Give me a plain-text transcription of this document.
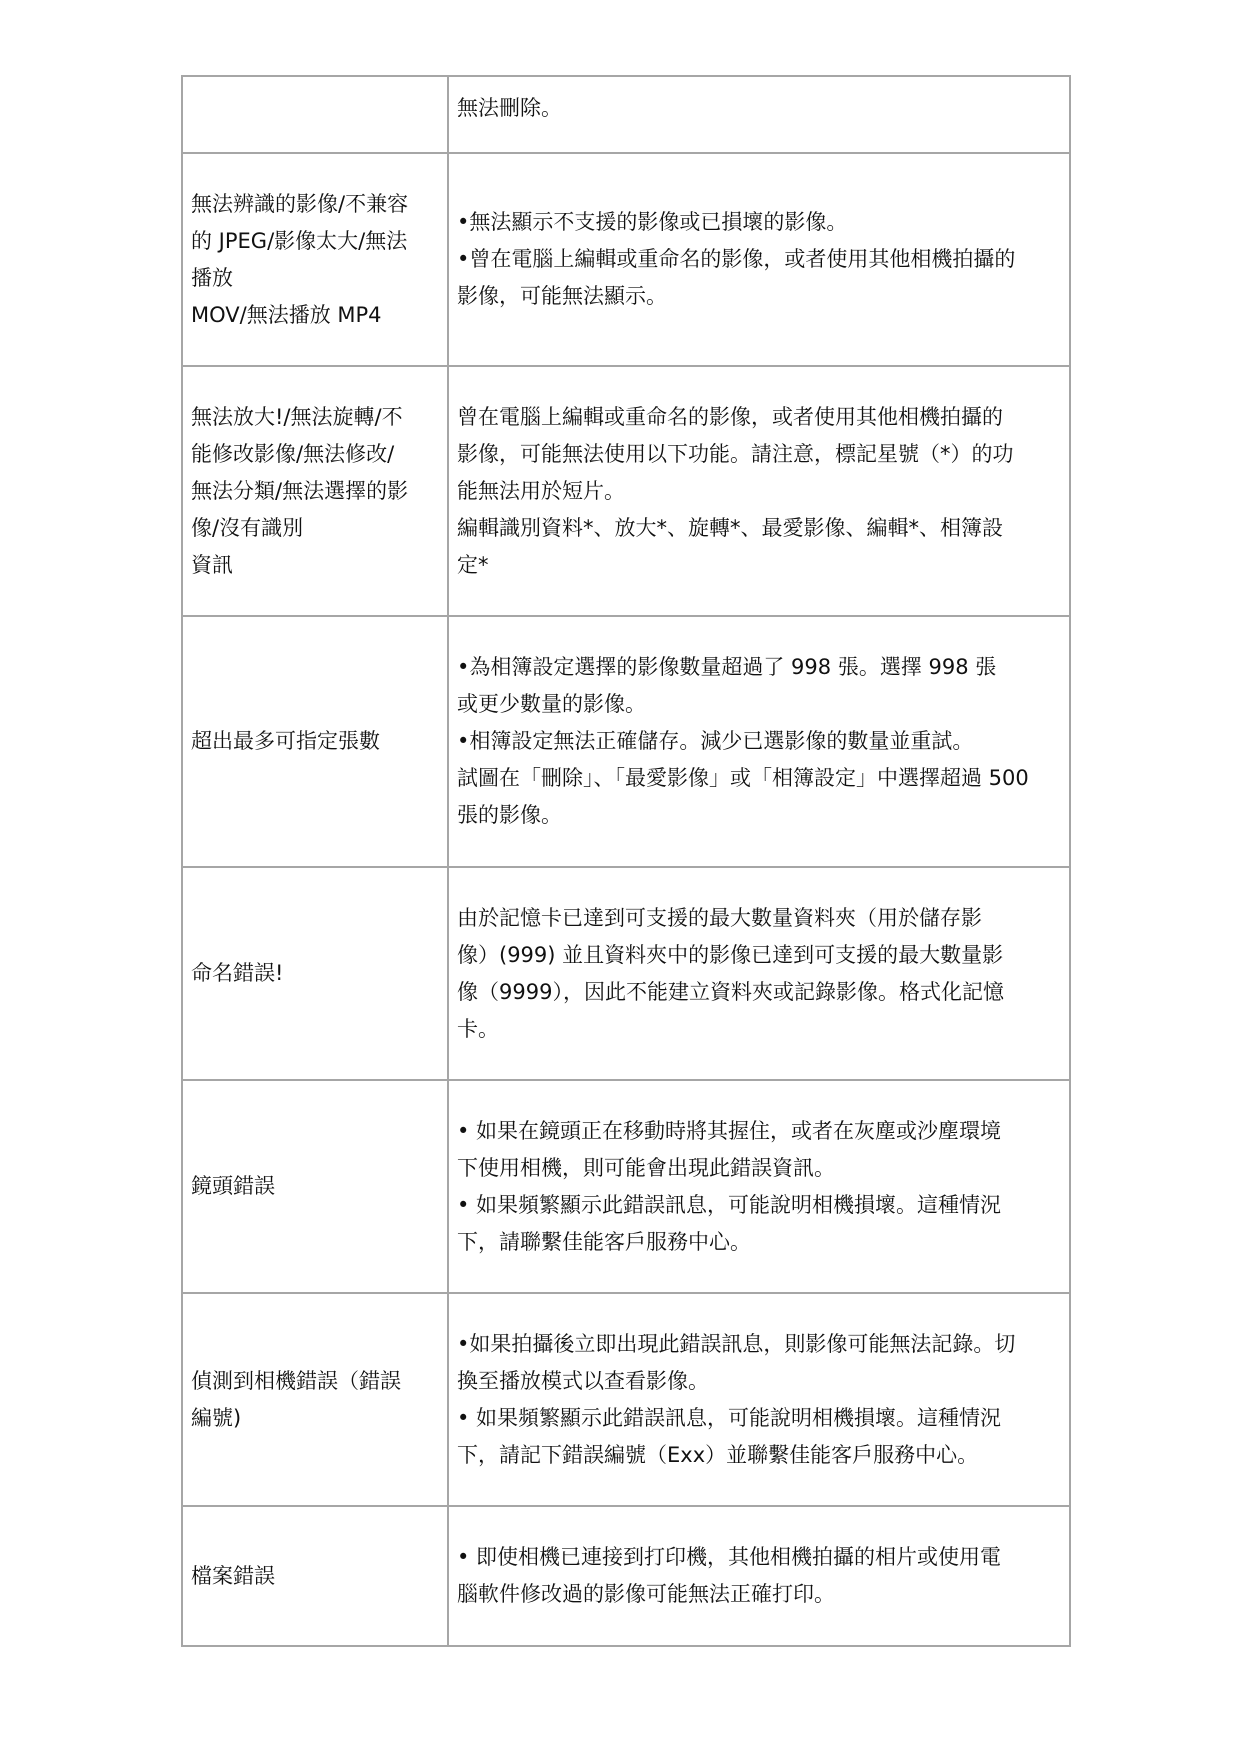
	無法刪除。

無法辨識的影像/不兼容
的 JPEG/影像太大/無法
播放
MOV/無法播放 MP4	•無法顯示不支援的影像或已損壞的影像。
•曾在電腦上編輯或重命名的影像，或者使用其他相機拍攝的
影像，可能無法顯示。

無法放大!/無法旋轉/不
能修改影像/無法修改/
無法分類/無法選擇的影
像/沒有識別
資訊	曾在電腦上編輯或重命名的影像，或者使用其他相機拍攝的
影像，可能無法使用以下功能。請注意，標記星號（*）的功
能無法用於短片。
編輯識別資料*、放大*、旋轉*、最愛影像、編輯*、相簿設
定*

超出最多可指定張數	•為相簿設定選擇的影像數量超過了 998 張。選擇 998 張
或更少數量的影像。
•相簿設定無法正確儲存。減少已選影像的數量並重試。
試圖在「刪除」、「最愛影像」或「相簿設定」中選擇超過 500
張的影像。

命名錯誤!	由於記憶卡已達到可支援的最大數量資料夾（用於儲存影
像）(999) 並且資料夾中的影像已達到可支援的最大數量影
像（9999），因此不能建立資料夾或記錄影像。格式化記憶
卡。

鏡頭錯誤	• 如果在鏡頭正在移動時將其握住，或者在灰塵或沙塵環境
下使用相機，則可能會出現此錯誤資訊。
• 如果頻繁顯示此錯誤訊息，可能說明相機損壞。這種情況
下，請聯繫佳能客戶服務中心。

偵測到相機錯誤（錯誤
編號)	•如果拍攝後立即出現此錯誤訊息，則影像可能無法記錄。切
換至播放模式以查看影像。
• 如果頻繁顯示此錯誤訊息，可能說明相機損壞。這種情況
下，請記下錯誤編號（Exx）並聯繫佳能客戶服務中心。

檔案錯誤	• 即使相機已連接到打印機，其他相機拍攝的相片或使用電
腦軟件修改過的影像可能無法正確打印。
